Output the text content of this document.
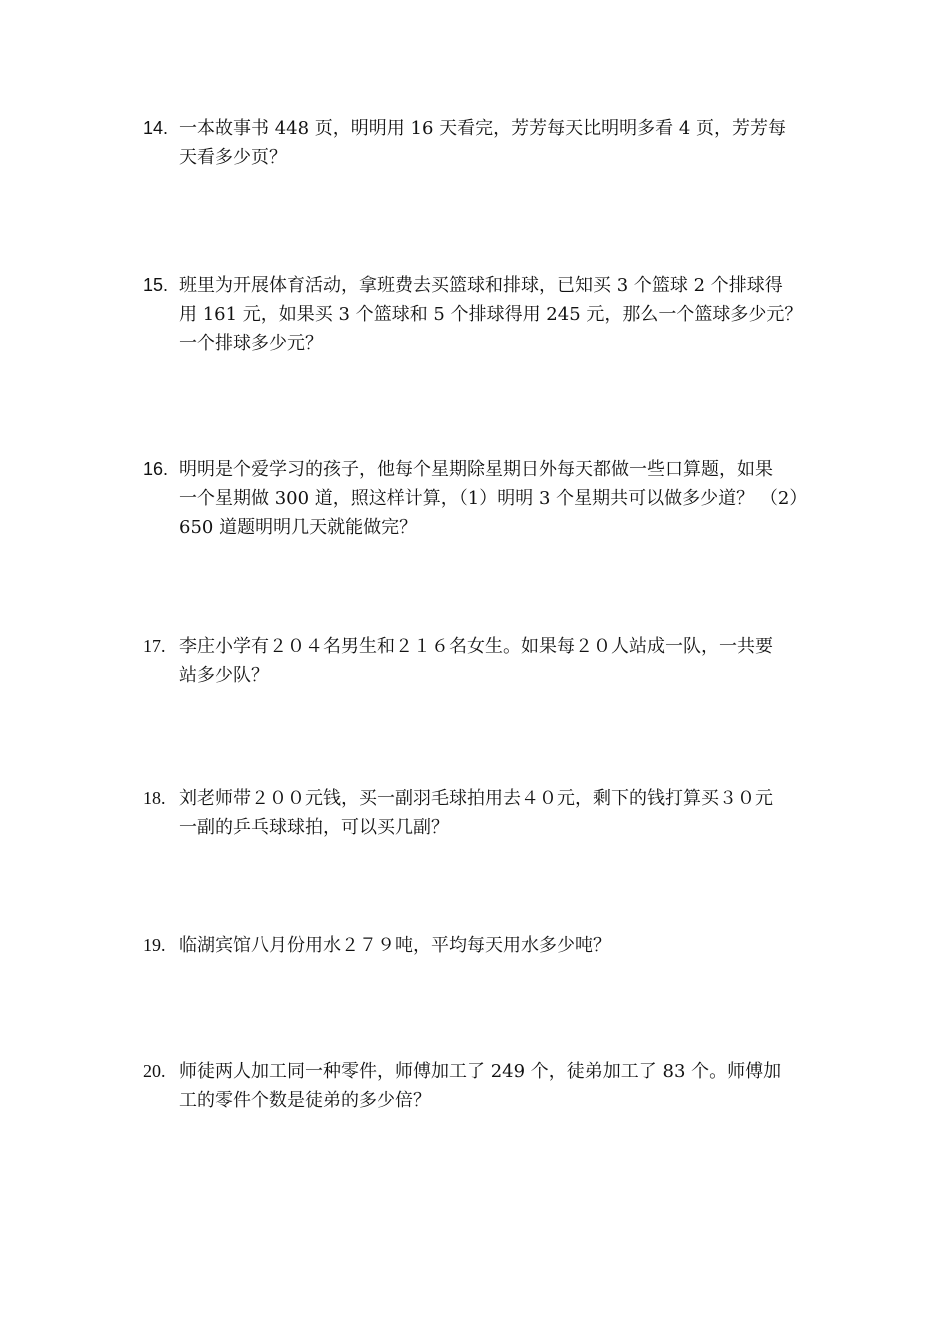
14. 一本故事书 448 页，明明用 16 天看完，芳芳每天比明明多看 4 页，芳芳每
天看多少页？
15. 班里为开展体育活动，拿班费去买篮球和排球，已知买 3 个篮球 2 个排球得
用 161 元，如果买 3 个篮球和 5 个排球得用 245 元，那么一个篮球多少元？
一个排球多少元？
16. 明明是个爱学习的孩子，他每个星期除星期日外每天都做一些口算题，如果
一个星期做 300 道，照这样计算，（1）明明 3 个星期共可以做多少道？ （2）
650 道题明明几天就能做完？
17. 李庄小学有２０４名男生和２１６名女生。如果每２０人站成一队，一共要
站多少队？
18. 刘老师带２００元钱，买一副羽毛球拍用去４０元，剩下的钱打算买３０元
一副的乒乓球球拍，可以买几副？
19. 临湖宾馆八月份用水２７９吨，平均每天用水多少吨？
20. 师徒两人加工同一种零件，师傅加工了 249 个，徒弟加工了 83 个。师傅加
工的零件个数是徒弟的多少倍？
